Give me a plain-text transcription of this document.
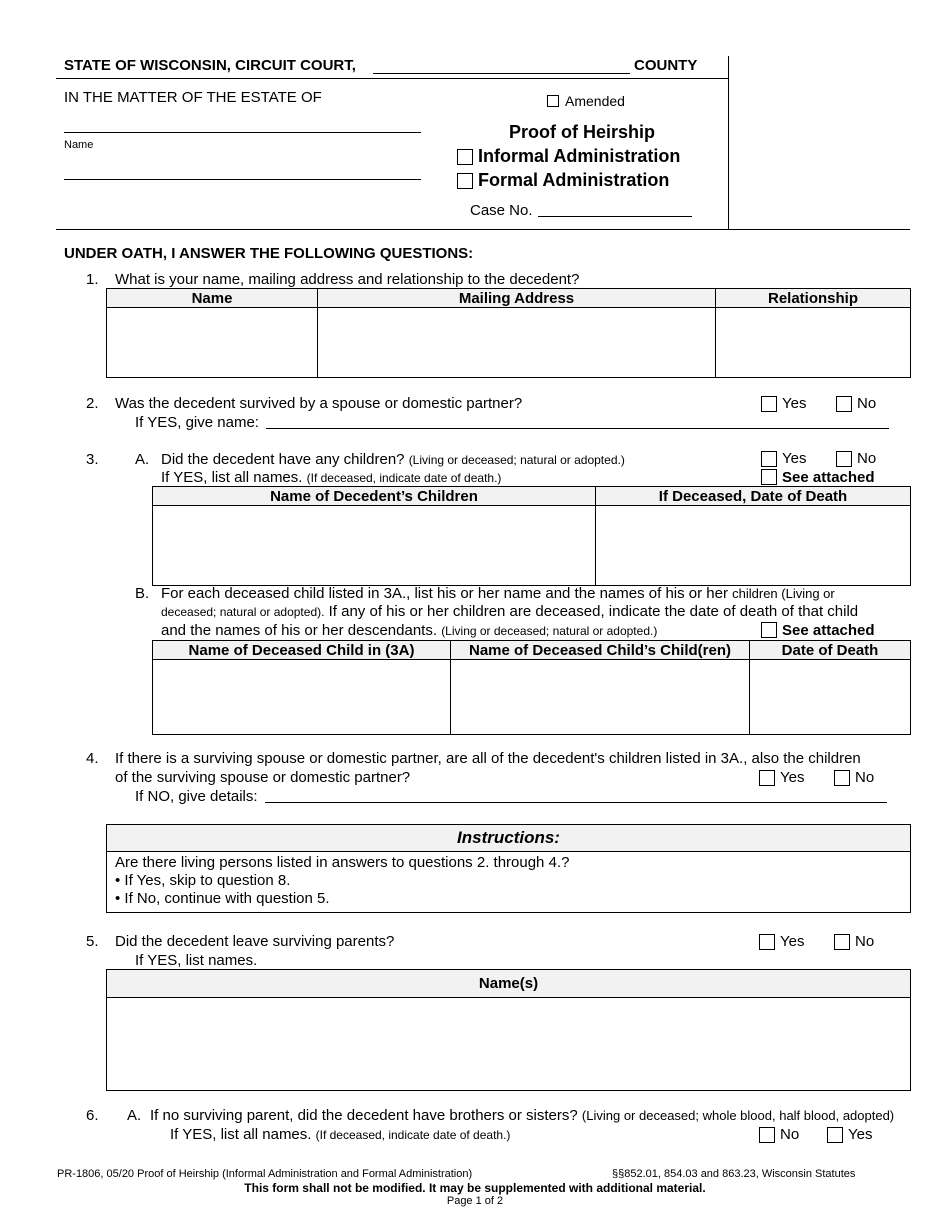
STATE OF WISCONSIN, CIRCUIT COURT,	COUNTY
IN THE MATTER OF THE ESTATE OF
Name
Amended
Proof of Heirship
Informal Administration
Formal Administration
Case No.
UNDER OATH, I ANSWER THE FOLLOWING QUESTIONS:
1. What is your name, mailing address and relationship to the decedent?
Name	Mailing Address	Relationship

2. Was the decedent survived by a spouse or domestic partner?	Yes	No
If YES, give name:
3. A. Did the decedent have any children? (Living or deceased; natural or adopted.)	Yes	No
If YES, list all names. (If deceased, indicate date of death.)	See attached
Name of Decedent’s Children	If Deceased, Date of Death

B. For each deceased child listed in 3A., list his or her name and the names of his or her children (Living or
deceased; natural or adopted). If any of his or her children are deceased, indicate the date of death of that child
and the names of his or her descendants. (Living or deceased; natural or adopted.)	See attached
Name of Deceased Child in (3A)	Name of Deceased Child’s Child(ren)	Date of Death

4. If there is a surviving spouse or domestic partner, are all of the decedent's children listed in 3A., also the children
of the surviving spouse or domestic partner?	Yes	No
If NO, give details:
Instructions:
Are there living persons listed in answers to questions 2. through 4.?
• If Yes, skip to question 8.
• If No, continue with question 5.
5. Did the decedent leave surviving parents?	Yes	No
If YES, list names.
Name(s)

6. A. If no surviving parent, did the decedent have brothers or sisters? (Living or deceased; whole blood, half blood, adopted)
If YES, list all names. (If deceased, indicate date of death.)	No	Yes
PR-1806, 05/20 Proof of Heirship (Informal Administration and Formal Administration)	§§852.01, 854.03 and 863.23, Wisconsin Statutes
This form shall not be modified. It may be supplemented with additional material.
Page 1 of 2
